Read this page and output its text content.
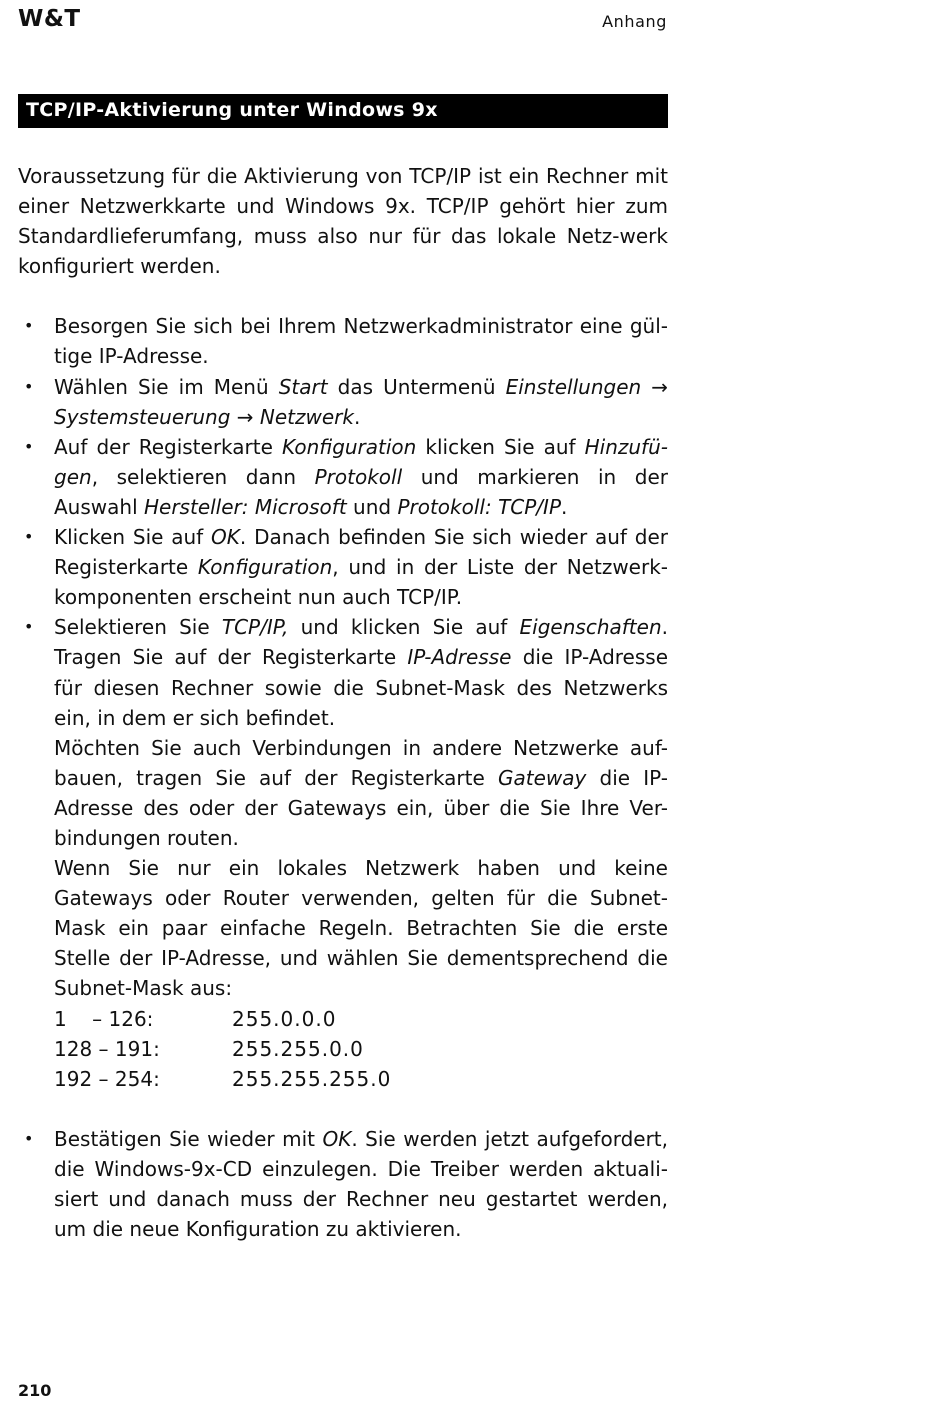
W&T	Anhang
TCP/IP-Aktivierung unter Windows 9x

Voraussetzung für die Aktivierung von TCP/IP ist ein Rechner mit einer Netzwerkkarte und Windows 9x. TCP/IP gehört hier zum Standardlieferumfang, muss also nur für das lokale Netz-werk konfiguriert werden.

• Besorgen Sie sich bei Ihrem Netzwerkadministrator eine gül-tige IP-Adresse.
• Wählen Sie im Menü Start das Untermenü Einstellungen → Systemsteuerung → Netzwerk.
• Auf der Registerkarte Konfiguration klicken Sie auf Hinzufü-gen, selektieren dann Protokoll und markieren in der Auswahl Hersteller: Microsoft und Protokoll: TCP/IP.
• Klicken Sie auf OK. Danach befinden Sie sich wieder auf der Registerkarte Konfiguration, und in der Liste der Netzwerk-komponenten erscheint nun auch TCP/IP.
• Selektieren Sie TCP/IP, und klicken Sie auf Eigenschaften. Tragen Sie auf der Registerkarte IP-Adresse die IP-Adresse für diesen Rechner sowie die Subnet-Mask des Netzwerks ein, in dem er sich befindet.

Möchten Sie auch Verbindungen in andere Netzwerke auf-bauen, tragen Sie auf der Registerkarte Gateway die IP-Adresse des oder der Gateways ein, über die Sie Ihre Ver-bindungen routen.

Wenn Sie nur ein lokales Netzwerk haben und keine Gateways oder Router verwenden, gelten für die Subnet-Mask ein paar einfache Regeln. Betrachten Sie die erste Stelle der IP-Adresse, und wählen Sie dementsprechend die Subnet-Mask aus:

1    – 126:	255.0.0.0
128 – 191:	255.255.0.0
192 – 254:	255.255.255.0
• Bestätigen Sie wieder mit OK. Sie werden jetzt aufgefordert, die Windows-9x-CD einzulegen. Die Treiber werden aktuali-siert und danach muss der Rechner neu gestartet werden, um die neue Konfiguration zu aktivieren.
210
